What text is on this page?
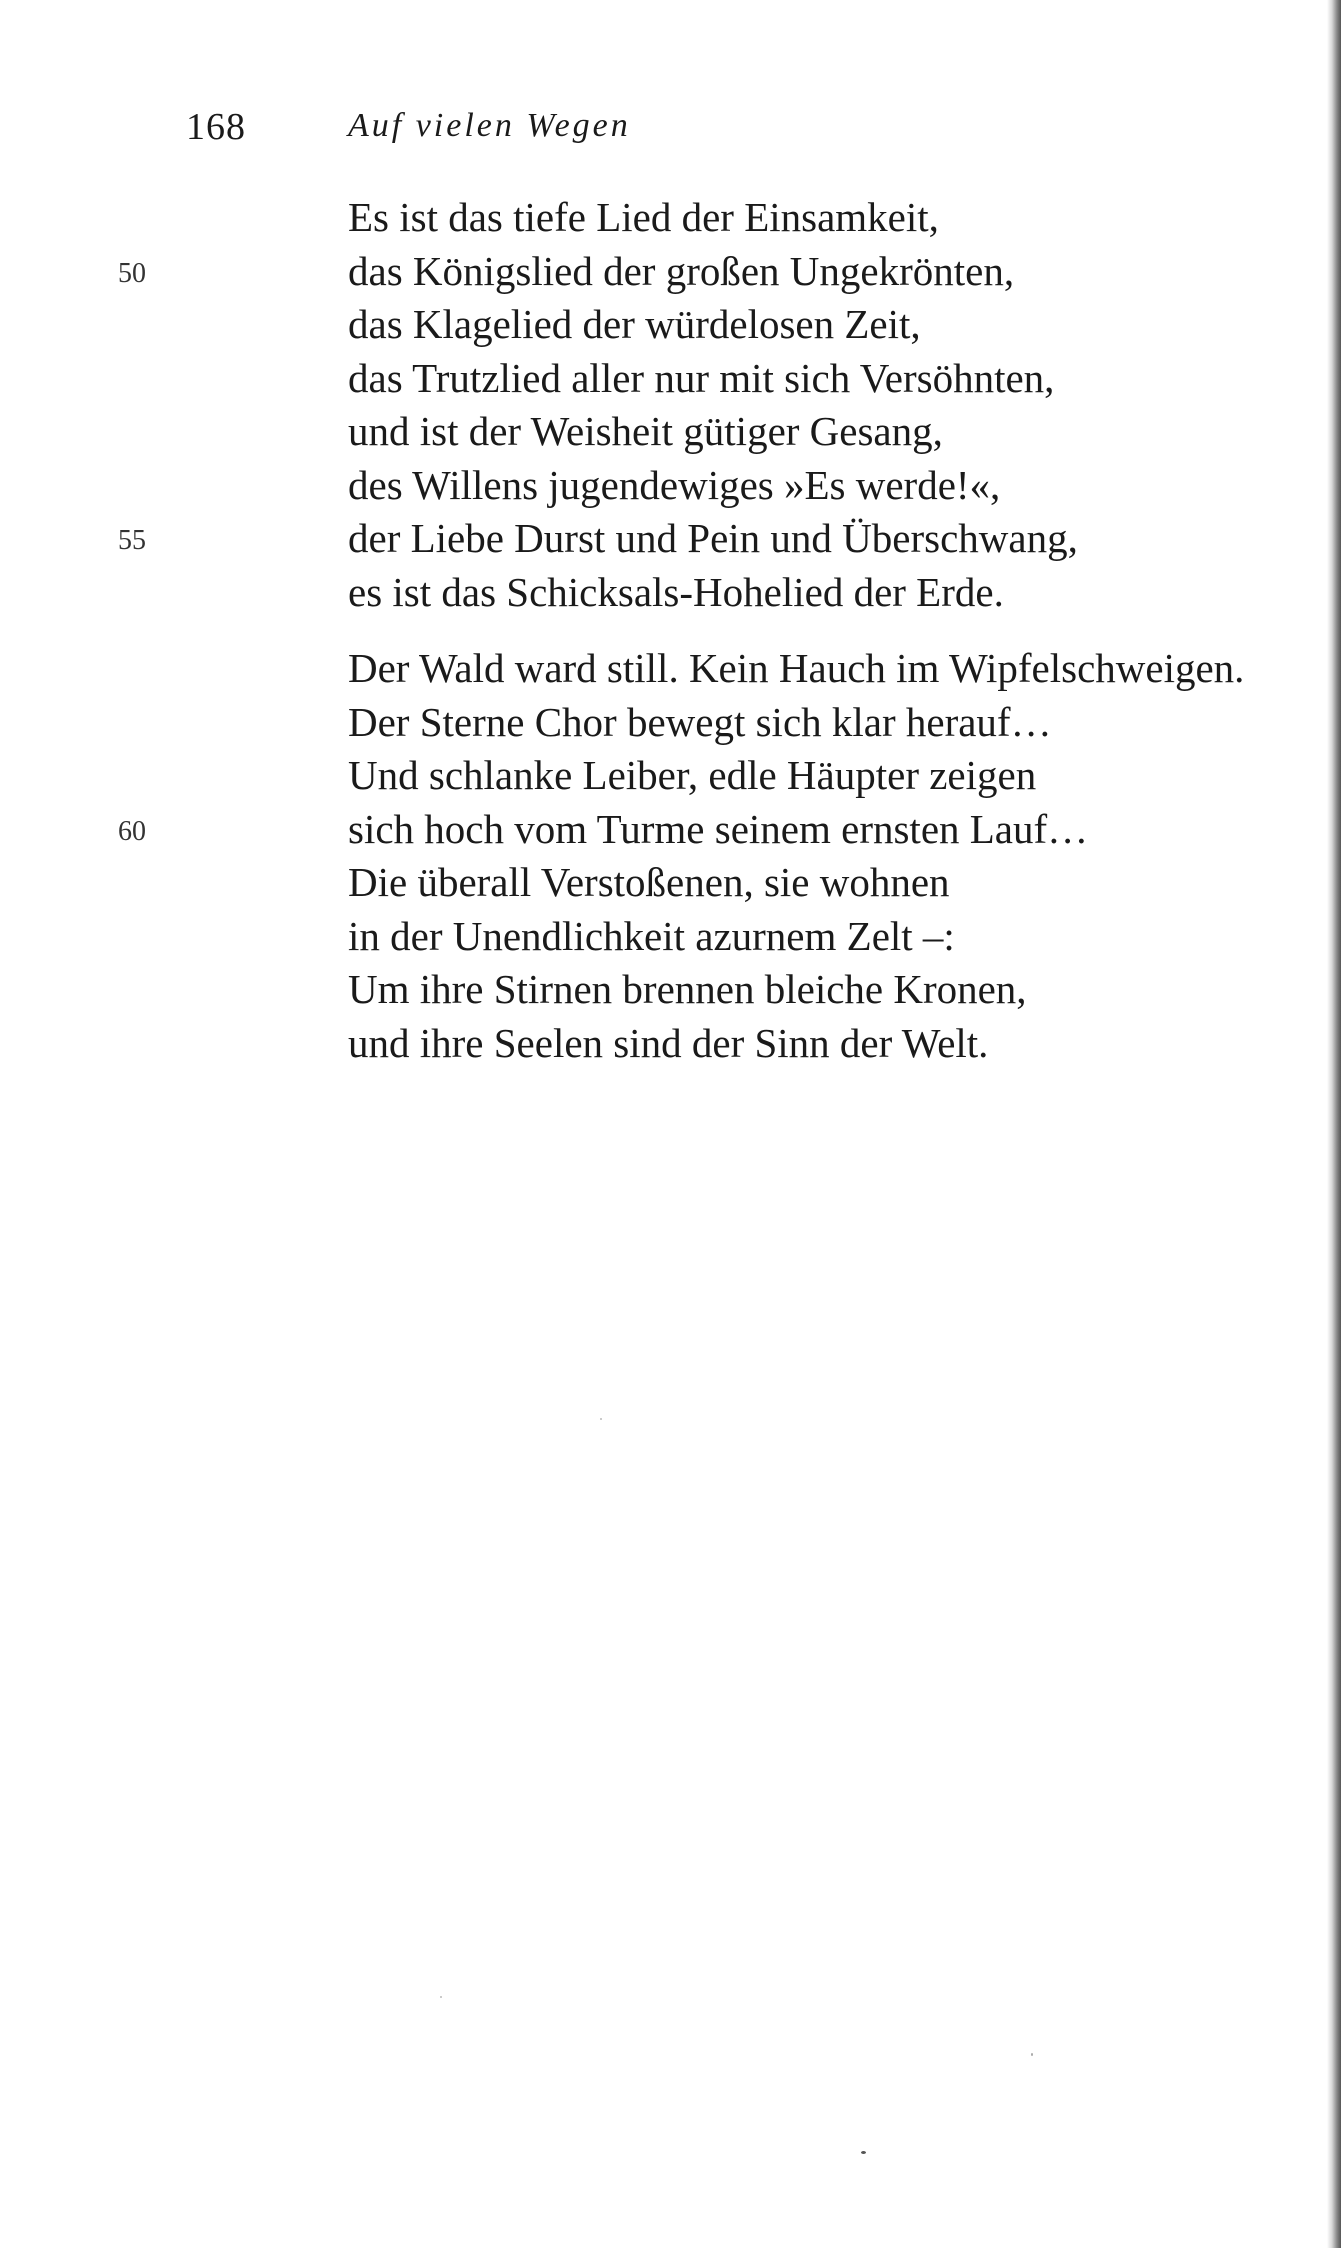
168	Auf vielen Wegen
Es ist das tiefe Lied der Einsamkeit,
50	das Königslied der großen Ungekrönten,
das Klagelied der würdelosen Zeit,
das Trutzlied aller nur mit sich Versöhnten,
und ist der Weisheit gütiger Gesang,
des Willens jugendewiges »Es werde!«,
55	der Liebe Durst und Pein und Überschwang,
es ist das Schicksals-Hohelied der Erde.
Der Wald ward still. Kein Hauch im Wipfelschweigen.
Der Sterne Chor bewegt sich klar herauf…
Und schlanke Leiber, edle Häupter zeigen
60	sich hoch vom Turme seinem ernsten Lauf…
Die überall Verstoßenen, sie wohnen
in der Unendlichkeit azurnem Zelt –:
Um ihre Stirnen brennen bleiche Kronen,
und ihre Seelen sind der Sinn der Welt.
